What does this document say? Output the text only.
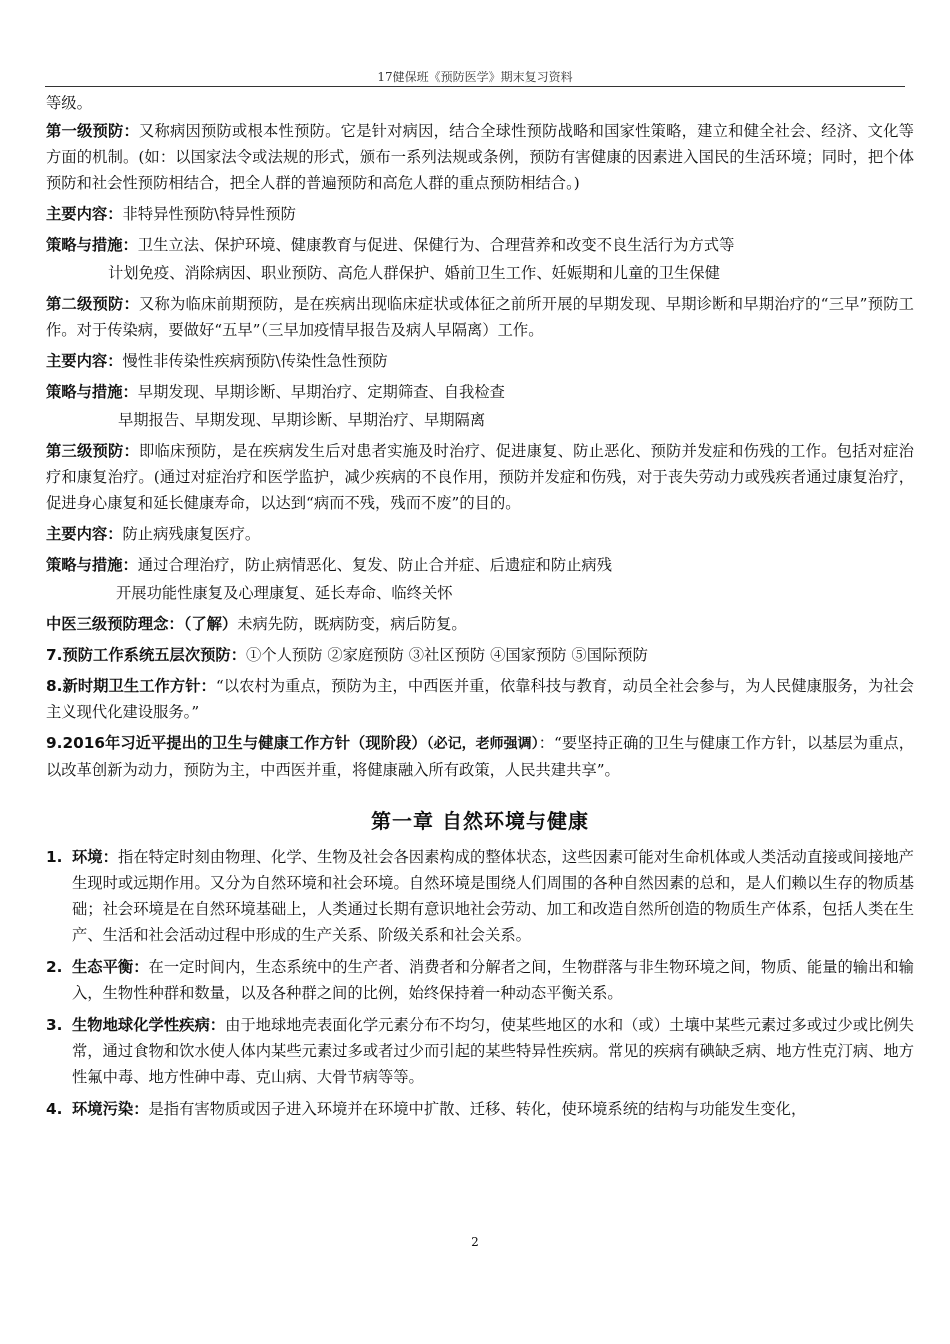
17健保班《预防医学》期末复习资料

等级。

第一级预防：又称病因预防或根本性预防。它是针对病因，结合全球性预防战略和国家性策略，建立和健全社会、经济、文化等方面的机制。(如：以国家法令或法规的形式，颁布一系列法规或条例，预防有害健康的因素进入国民的生活环境；同时，把个体预防和社会性预防相结合，把全人群的普遍预防和高危人群的重点预防相结合。)

主要内容：非特异性预防\特异性预防

策略与措施：卫生立法、保护环境、健康教育与促进、保健行为、合理营养和改变不良生活行为方式等

计划免疫、消除病因、职业预防、高危人群保护、婚前卫生工作、妊娠期和儿童的卫生保健

第二级预防：又称为临床前期预防，是在疾病出现临床症状或体征之前所开展的早期发现、早期诊断和早期治疗的“三早”预防工作。对于传染病，要做好“五早”（三早加疫情早报告及病人早隔离）工作。

主要内容：慢性非传染性疾病预防\传染性急性预防

策略与措施：早期发现、早期诊断、早期治疗、定期筛查、自我检查

早期报告、早期发现、早期诊断、早期治疗、早期隔离

第三级预防：即临床预防，是在疾病发生后对患者实施及时治疗、促进康复、防止恶化、预防并发症和伤残的工作。包括对症治疗和康复治疗。(通过对症治疗和医学监护，减少疾病的不良作用，预防并发症和伤残，对于丧失劳动力或残疾者通过康复治疗，促进身心康复和延长健康寿命，以达到“病而不残，残而不废”的目的。

主要内容：防止病残康复医疗。

策略与措施：通过合理治疗，防止病情恶化、复发、防止合并症、后遗症和防止病残

开展功能性康复及心理康复、延长寿命、临终关怀

中医三级预防理念：（了解）未病先防，既病防变，病后防复。

7.预防工作系统五层次预防：①个人预防 ②家庭预防 ③社区预防 ④国家预防 ⑤国际预防

8.新时期卫生工作方针：“以农村为重点，预防为主，中西医并重，依靠科技与教育，动员全社会参与，为人民健康服务，为社会主义现代化建设服务。”

9.2016年习近平提出的卫生与健康工作方针（现阶段）（必记，老师强调）：“要坚持正确的卫生与健康工作方针，以基层为重点，以改革创新为动力，预防为主，中西医并重，将健康融入所有政策，人民共建共享”。

第一章 自然环境与健康
1. 环境：指在特定时刻由物理、化学、生物及社会各因素构成的整体状态，这些因素可能对生命机体或人类活动直接或间接地产生现时或远期作用。又分为自然环境和社会环境。自然环境是围绕人们周围的各种自然因素的总和，是人们赖以生存的物质基础；社会环境是在自然环境基础上，人类通过长期有意识地社会劳动、加工和改造自然所创造的物质生产体系，包括人类在生产、生活和社会活动过程中形成的生产关系、阶级关系和社会关系。
2. 生态平衡：在一定时间内，生态系统中的生产者、消费者和分解者之间，生物群落与非生物环境之间，物质、能量的输出和输入，生物性种群和数量，以及各种群之间的比例，始终保持着一种动态平衡关系。
3. 生物地球化学性疾病：由于地球地壳表面化学元素分布不均匀，使某些地区的水和（或）土壤中某些元素过多或过少或比例失常，通过食物和饮水使人体内某些元素过多或者过少而引起的某些特异性疾病。常见的疾病有碘缺乏病、地方性克汀病、地方性氟中毒、地方性砷中毒、克山病、大骨节病等等。
4. 环境污染：是指有害物质或因子进入环境并在环境中扩散、迁移、转化，使环境系统的结构与功能发生变化，
2
